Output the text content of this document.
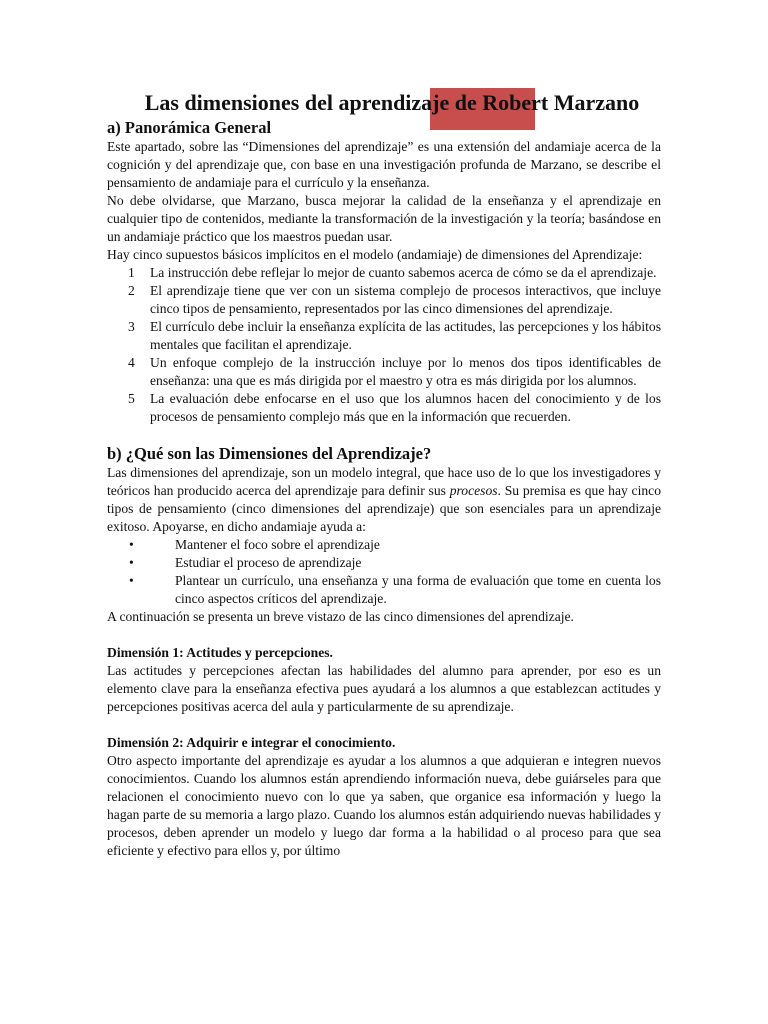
Las dimensiones del aprendizaje de Robert Marzano
a) Panorámica General

Este apartado, sobre las “Dimensiones del aprendizaje” es una extensión del andamiaje acerca de la cognición y del aprendizaje que, con base en una investigación profunda de Marzano, se describe el pensamiento de andamiaje para el currículo y la enseñanza.

No debe olvidarse, que Marzano, busca mejorar la calidad de la enseñanza y el aprendizaje en cualquier tipo de contenidos, mediante la transformación de la investigación y la teoría; basándose en un andamiaje práctico que los maestros puedan usar.

Hay cinco supuestos básicos implícitos en el modelo (andamiaje) de dimensiones del Aprendizaje:

1	La instrucción debe reflejar lo mejor de cuanto sabemos acerca de cómo se da el aprendizaje.
2	El aprendizaje tiene que ver con un sistema complejo de procesos interactivos, que incluye cinco tipos de pensamiento, representados por las cinco dimensiones del aprendizaje.
3	El currículo debe incluir la enseñanza explícita de las actitudes, las percepciones y los hábitos mentales que facilitan el aprendizaje.
4	Un enfoque complejo de la instrucción incluye por lo menos dos tipos identificables de enseñanza: una que es más dirigida por el maestro y otra es más dirigida por los alumnos.
5	La evaluación debe enfocarse en el uso que los alumnos hacen del conocimiento y de los procesos de pensamiento complejo más que en la información que recuerden.
b) ¿Qué son las Dimensiones del Aprendizaje?

Las dimensiones del aprendizaje, son un modelo integral, que hace uso de lo que los investigadores y teóricos han producido acerca del aprendizaje para definir sus procesos. Su premisa es que hay cinco tipos de pensamiento (cinco dimensiones del aprendizaje) que son esenciales para un aprendizaje exitoso. Apoyarse, en dicho andamiaje ayuda a:

•	Mantener el foco sobre el aprendizaje
•	Estudiar el proceso de aprendizaje
•	Plantear un currículo, una enseñanza y una forma de evaluación que tome en cuenta los cinco aspectos críticos del aprendizaje.

A continuación se presenta un breve vistazo de las cinco dimensiones del aprendizaje.

Dimensión 1: Actitudes y percepciones.

Las actitudes y percepciones afectan las habilidades del alumno para aprender, por eso es un elemento clave para la enseñanza efectiva pues ayudará a los alumnos a que establezcan actitudes y percepciones positivas acerca del aula y particularmente de su aprendizaje.

Dimensión 2: Adquirir e integrar el conocimiento.

Otro aspecto importante del aprendizaje es ayudar a los alumnos a que adquieran e integren nuevos conocimientos. Cuando los alumnos están aprendiendo información nueva, debe guiárseles para que relacionen el conocimiento nuevo con lo que ya saben, que organice esa información y luego la hagan parte de su memoria a largo plazo. Cuando los alumnos están adquiriendo nuevas habilidades y procesos, deben aprender un modelo y luego dar forma a la habilidad o al proceso para que sea eficiente y efectivo para ellos y, por último
